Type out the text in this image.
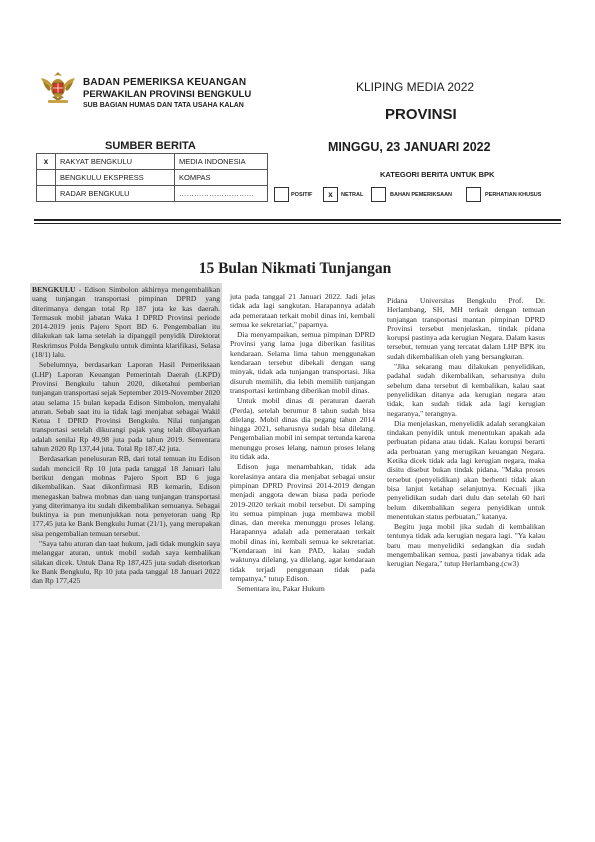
BADAN PEMERIKSA KEUANGAN
PERWAKILAN PROVINSI BENGKULU
SUB BAGIAN HUMAS DAN TATA USAHA KALAN
KLIPING MEDIA 2022
PROVINSI
MINGGU, 23 JANUARI 2022
SUMBER BERITA
x	RAKYAT BENGKULU	MEDIA INDONESIA
	BENGKULU EKSPRESS	KOMPAS
	RADAR BENGKULU	…………………………
KATEGORI BERITA UNTUK BPK
POSITIF	x	NETRAL	BAHAN PEMERIKSAAN	PERHATIAN KHUSUS
15 Bulan Nikmati Tunjangan

BENGKULU - Edison Simbolon akhirnya mengembalikan uang tunjangan transportasi pimpinan DPRD yang diterimanya dengan total Rp 187 juta ke kas daerah. Termasuk mobil jabatan Waka I DPRD Provinsi periode 2014-2019 jenis Pajero Sport BD 6. Pengembalian itu dilakukan tak lama setelah ia dipanggil penyidik Direktorat Reskrimsus Polda Bengkulu untuk diminta klarifikasi, Selasa (18/1) lalu.

Sebelumnya, berdasarkan Laporan Hasil Pemeriksaan (LHP) Laporan Keuangan Pemerintah Daerah (LKPD) Provinsi Bengkulu tahun 2020, diketahui pemberian tunjangan transportasi sejak September 2019-November 2020 atau selama 15 bulan kepada Edison Simbolon, menyalahi aturan. Sebab saat itu ia tidak lagi menjabat sebagai Wakil Ketua I DPRD Provinsi Bengkulu. Nilai tunjangan transportasi setelah dikurangi pajak yang telah dibayarkan adalah senilai Rp 49,98 juta pada tahun 2019. Sementara tahun 2020 Rp 137,44 juta. Total Rp 187,42 juta.

Berdasarkan penelusuran RB, dari total temuan itu Edison sudah mencicil Rp 10 juta pada tanggal 18 Januari lalu berikut dengan mobnas Pajero Sport BD 6 juga dikembalikan. Saat dikonfirmasi RB kemarin, Edison menegaskan bahwa mobnas dan uang tunjangan transportasi yang diterimanya itu sudah dikembalikan semuanya. Sebagai buktinya ia pun menunjukkan nota penyetoran uang Rp 177,45 juta ke Bank Bengkulu Jumat (21/1), yang merupakan sisa pengembalian temuan tersebut.

"Saya tahu aturan dan taat hukum, jadi tidak mungkin saya melanggar aturan, untuk mobil sudah saya kembalikan silakan dicek. Untuk Dana Rp 187,425 juta sudah disetorkan ke Bank Bengkulu, Rp 10 juta pada tanggal 18 Januari 2022 dan Rp 177,425

juta pada tanggal 21 Januari 2022. Jadi jelas tidak ada lagi sangkutan. Harapannya adalah ada pemerataan terkait mobil dinas ini, kembali semua ke sekretariat," paparnya.

Dia menyampaikan, semua pimpinan DPRD Provinsi yang lama juga diberikan fasilitas kendaraan. Selama lima tahun menggunakan kendaraan tersebut dibekali dengan uang minyak, tidak ada tunjangan transportasi. Jika disuruh memilih, dia lebih memilih tunjangan transportasi ketimbang diberikan mobil dinas.

Untuk mobil dinas di peraturan daerah (Perda), setelah berumur 8 tahun sudah bisa dilelang. Mobil dinas dia pegang tahun 2014 hingga 2021, seharusnya sudah bisa dilelang. Pengembalian mobil ini sempat tertunda karena menunggu proses lelang, namun proses lelang itu tidak ada.

Edison juga menambahkan, tidak ada korelasinya antara dia menjabat sebagai unsur pimpinan DPRD Provinsi 2014-2019 dengan menjadi anggota dewan biasa pada periode 2019-2020 terkait mobil tersebut. Di samping itu semua pimpinan juga membawa mobil dinas, dan mereka menunggu proses lelang. Harapannya adalah ada pemerataan terkait mobil dinas ini, kembali semua ke sekretariat. "Kendaraan ini kan PAD, kalau sudah waktunya dilelang, ya dilelang, agar kendaraan tidak terjadi penggunaan tidak pada tempatnya," tutup Edison.

Sementara itu, Pakar Hukum

Pidana Universitas Bengkulu Prof. Dr. Herlambang, SH, MH terkait dengan temuan tunjangan transportasi mantan pimpinan DPRD Provinsi tersebut menjelaskan, tindak pidana korupsi pastinya ada kerugian Negara. Dalam kasus tersebut, temuan yang tercatat dalam LHP BPK itu sudah dikembalikan oleh yang bersangkutan.

"Jika sekarang mau dilakukan penyelidikan, padahal sudah dikembalikan, seharusnya dulu sebelum dana tersebut di kembalikan, kalau saat penyelidikan ditanya ada kerugian negara atau tidak, kan sudah tidak ada lagi kerugian negaranya," terangnya.

Dia menjelaskan, menyelidik adalah serangkaian tindakan penyidik untuk menentukan apakah ada perbuatan pidana atau tidak. Kalau korupsi berarti ada perbuatan yang merugikan keuangan Negara. Ketika dicek tidak ada lagi kerugian negara, maka disitu disebut bukan tindak pidana. "Maka proses tersebut (penyelidikan) akan berhenti tidak akan bisa lanjut ketahap selanjutnya. Kecuali jika penyelidikan sudah dari dulu dan setelah 60 hari belum dikembalikan segera penyidikan untuk menentukan status perbuatan," katanya.

Begitu juga mobil jika sudah di kembalikan tentunya tidak ada kerugian negara lagi. "Ya kalau baru mau menyelidiki sedangkan dia sudah mengembalikan semua, pasti jawabanya tidak ada kerugian Negara," tutup Herlambang.(cw3)
